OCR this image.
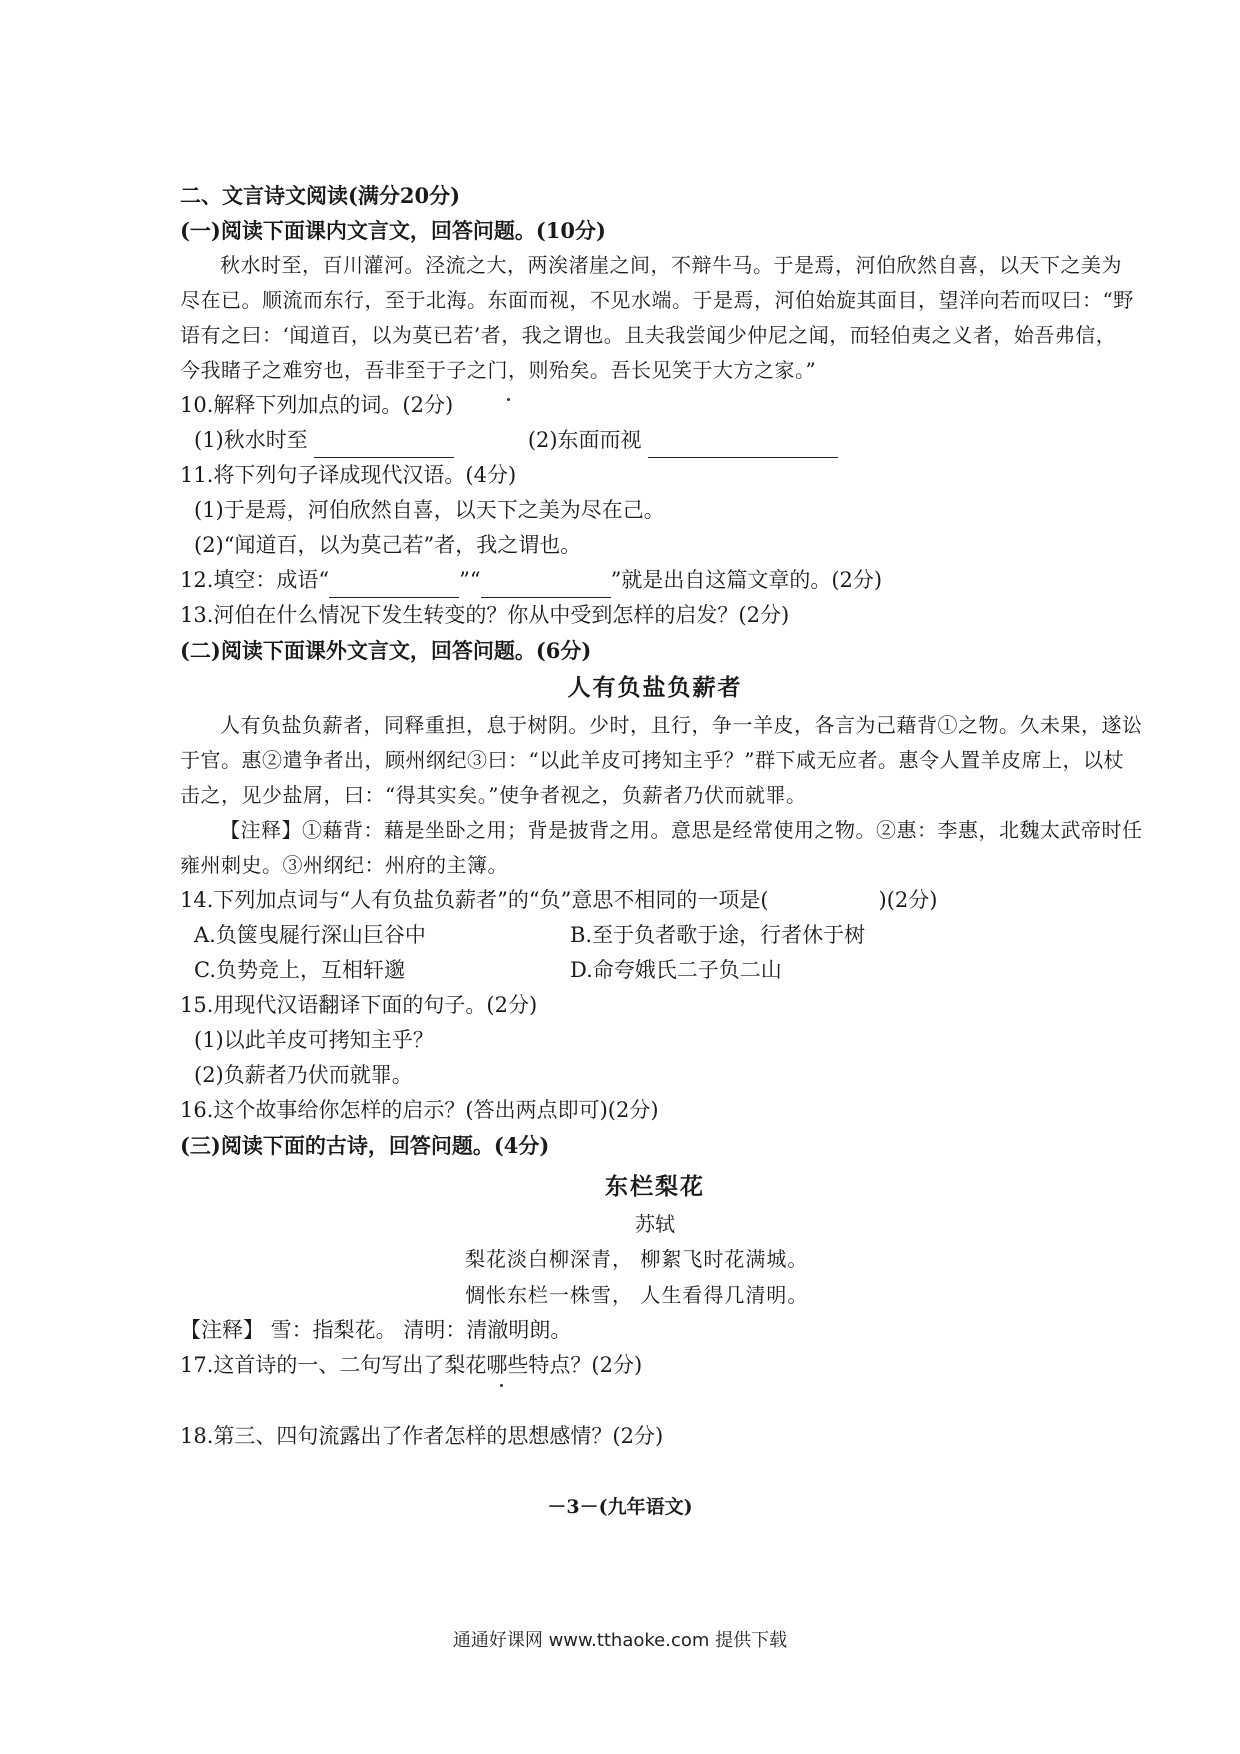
二、文言诗文阅读(满分20分)
(一)阅读下面课内文言文，回答问题。(10分)
秋水时至，百川灌河。泾流之大，两涘渚崖之间，不辩牛马。于是焉，河伯欣然自喜，以天下之美为
尽在已。顺流而东行，至于北海。东面而视，不见水端。于是焉，河伯始旋其面目，望洋向若而叹曰：“野
语有之曰：‘闻道百，以为莫已若’者，我之谓也。且夫我尝闻少仲尼之闻，而轻伯夷之义者，始吾弗信，
今我睹子之难穷也，吾非至于子之门，则殆矣。吾长见笑于大方之家。”
10.解释下列加点的词。(2分)
(1)秋水时至	(2)东面而视
11.将下列句子译成现代汉语。(4分)
(1)于是焉，河伯欣然自喜，以天下之美为尽在己。
(2)“闻道百，以为莫己若”者，我之谓也。
12.填空：成语“	”“	”就是出自这篇文章的。(2分)
13.河伯在什么情况下发生转变的？你从中受到怎样的启发？(2分)
(二)阅读下面课外文言文，回答问题。(6分)
人有负盐负薪者
人有负盐负薪者，同释重担，息于树阴。少时，且行，争一羊皮，各言为己藉背①之物。久未果，遂讼
于官。惠②遣争者出，顾州纲纪③曰：“以此羊皮可拷知主乎？”群下咸无应者。惠令人置羊皮席上，以杖
击之，见少盐屑，曰：“得其实矣。”使争者视之，负薪者乃伏而就罪。
【注释】①藉背：藉是坐卧之用；背是披背之用。意思是经常使用之物。②惠：李惠，北魏太武帝时任
雍州刺史。③州纲纪：州府的主簿。
14.下列加点词与“人有负盐负薪者”的“负”意思不相同的一项是(	)(2分)
A.负箧曳屣行深山巨谷中	B.至于负者歌于途，行者休于树
C.负势竞上，互相轩邈	D.命夸娥氏二子负二山
15.用现代汉语翻译下面的句子。(2分)
(1)以此羊皮可拷知主乎？
(2)负薪者乃伏而就罪。
16.这个故事给你怎样的启示？(答出两点即可)(2分)
(三)阅读下面的古诗，回答问题。(4分)
东栏梨花
苏轼
梨花淡白柳深青， 柳絮飞时花满城。
惆怅东栏一株雪， 人生看得几清明。
【注释】 雪：指梨花。 清明：清澈明朗。
17.这首诗的一、二句写出了梨花哪些特点？(2分)
18.第三、四句流露出了作者怎样的思想感情？(2分)
－3－(九年语文)
通通好课网 www.tthaoke.com 提供下载
